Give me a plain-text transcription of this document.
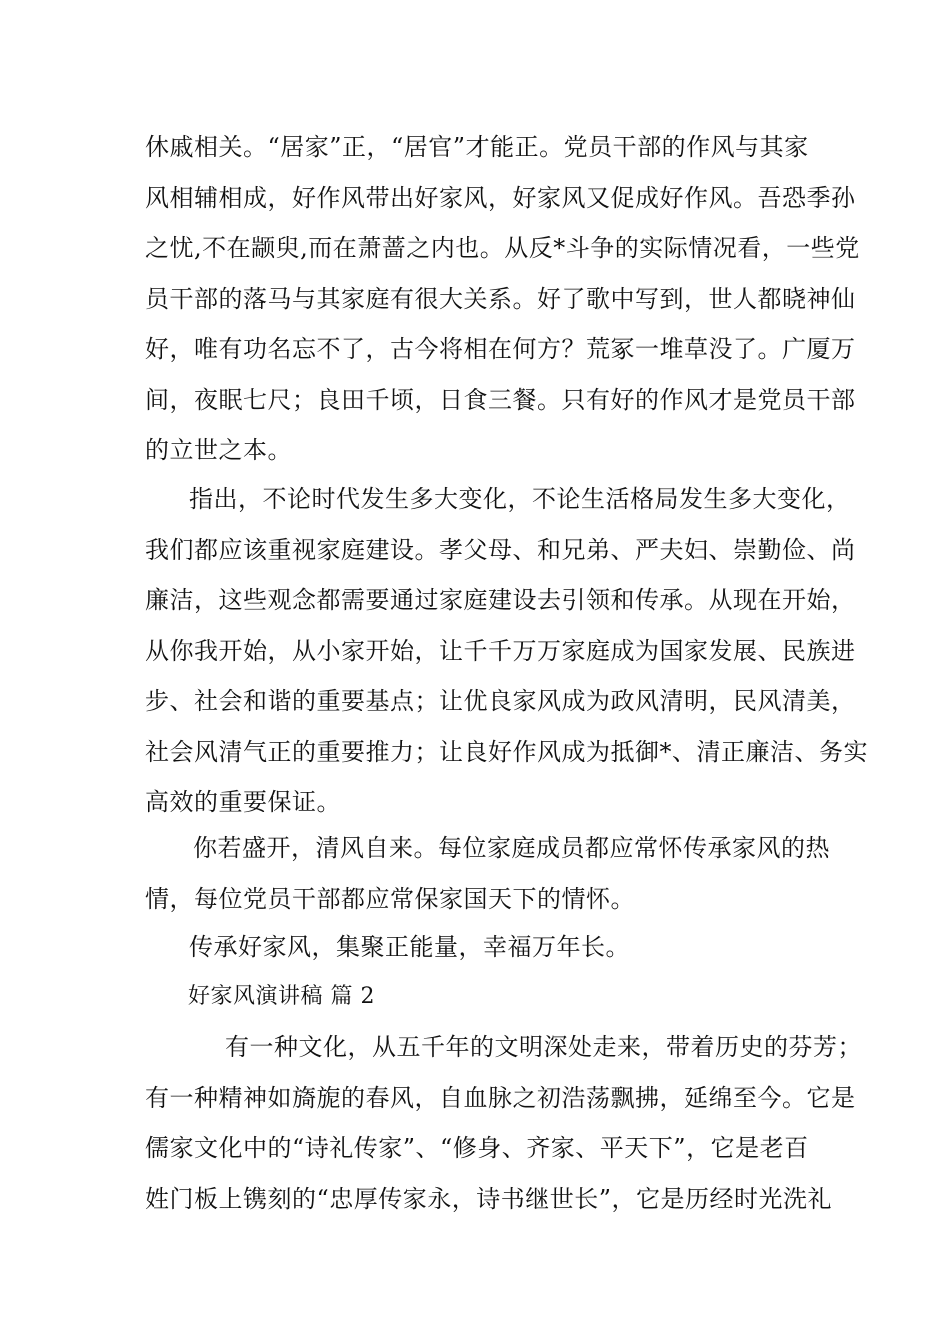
休戚相关。“居家”正，“居官”才能正。党员干部的作风与其家
风相辅相成，好作风带出好家风，好家风又促成好作风。吾恐季孙
之忧,不在颛臾,而在萧蔷之内也。从反*斗争的实际情况看，一些党
员干部的落马与其家庭有很大关系。好了歌中写到，世人都晓神仙
好，唯有功名忘不了，古今将相在何方？荒冢一堆草没了。广厦万
间，夜眠七尺；良田千顷，日食三餐。只有好的作风才是党员干部
的立世之本。
指出，不论时代发生多大变化，不论生活格局发生多大变化，
我们都应该重视家庭建设。孝父母、和兄弟、严夫妇、崇勤俭、尚
廉洁，这些观念都需要通过家庭建设去引领和传承。从现在开始，
从你我开始，从小家开始，让千千万万家庭成为国家发展、民族进
步、社会和谐的重要基点；让优良家风成为政风清明，民风清美，
社会风清气正的重要推力；让良好作风成为抵御*、清正廉洁、务实
高效的重要保证。
你若盛开，清风自来。每位家庭成员都应常怀传承家风的热
情，每位党员干部都应常保家国天下的情怀。
传承好家风，集聚正能量，幸福万年长。
好家风演讲稿 篇 2
有一种文化，从五千年的文明深处走来，带着历史的芬芳；
有一种精神如旖旎的春风，自血脉之初浩荡飘拂，延绵至今。它是
儒家文化中的“诗礼传家”、“修身、齐家、平天下”，它是老百
姓门板上镌刻的“忠厚传家永，诗书继世长”，它是历经时光洗礼
